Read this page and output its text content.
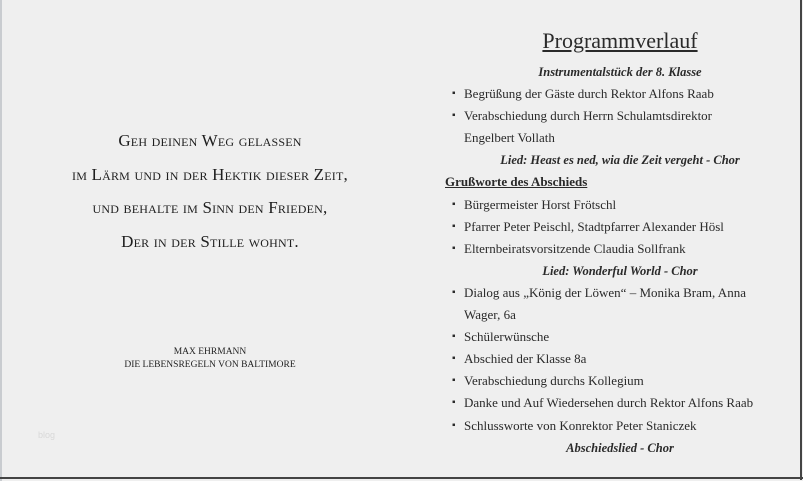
Geh deinen Weg gelassen
im Lärm und in der Hektik dieser Zeit,
und behalte im Sinn den Frieden,
Der in der Stille wohnt.
MAX EHRMANN
DIE LEBENSREGELN VON BALTIMORE
blog
Programmverlauf
Instrumentalstück der 8. Klasse
▪ Begrüßung der Gäste durch Rektor Alfons Raab
▪ Verabschiedung durch Herrn Schulamtsdirektor
Engelbert Vollath
Lied: Heast es ned, wia die Zeit vergeht - Chor
Grußworte des Abschieds
▪ Bürgermeister Horst Frötschl
▪ Pfarrer Peter Peischl, Stadtpfarrer Alexander Hösl
▪ Elternbeiratsvorsitzende Claudia Sollfrank
Lied: Wonderful World - Chor
▪ Dialog aus „König der Löwen“ – Monika Bram, Anna
Wager, 6a
▪ Schülerwünsche
▪ Abschied der Klasse 8a
▪ Verabschiedung durchs Kollegium
▪ Danke und Auf Wiedersehen durch Rektor Alfons Raab
▪ Schlussworte von Konrektor Peter Staniczek
Abschiedslied - Chor
